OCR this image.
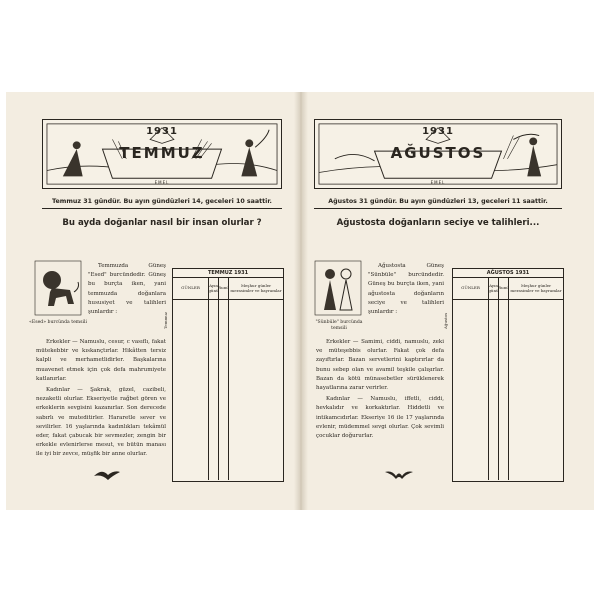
1931
TEMMUZ
EMEL
Temmuz 31 gündür. Bu ayın gündüzleri 14, geceleri 10 saattir.
Bu ayda doğanlar nasıl bir insan olurlar ?
«Esed» burcünda temsili

Temmuzda Güneş "Esed" burcündedir. Güneş bu burçta iken, yani temmuzda doğanlara hususiyet ve talihleri şunlardır :

Erkekler — Namuslu, cesur, c vasıflı, fakat mütekebbir ve kıskançtırlar. Hikâtten tersiz kalpli ve merhametlidirler. Başkalarına muavenet etmek için çok defa mahrumiyete katlanırlar.

Kadınlar — Şakrak, güzel, cazibeli, nezaketli olurlar. Ekseriyetle rağbet gören ve erkeklerin sevgisini kazanırlar. Son derecede sabırlı ve muteditirler. Hararetle sever ve sevilirler. 16 yaşlarında kadınlıkları tekâmül eder, fakat çabucak bir sevmezler, zengin bir erkekle evlenirlerse mesut, ve bütün manası ile iyi bir zevce, müşfik bir anne olurlar.

Temmuz
TEMMUZ 1931
GÜNLER	Ayın günü Rumî	Meşhur günler merasimler ve bayramlar
1931
AĞUSTOS
EMEL
Ağustos 31 gündür. Bu ayın gündüzleri 13, geceleri 11 saattir.
Ağustosta doğanların seciye ve talihleri...
"Sünbüle" burcünda temsili

Ağustosta Güneş "Sünbüle" burcündedir. Güneş bu burçta iken, yani ağustosta doğanların seciye ve talihleri şunlardır :

Erkekler — Samimi, ciddi, namuslu, zeki ve müteşebbis olurlar. Fakat çok defa zayıftırlar. Bazan servetlerini kaptırırlar da bunu sebep olan ve avamil teşkile çalışırlar. Bazan da kötü münasebetler sürüklenerek hayatlarına zarar verirler.

Kadınlar — Namuslu, iffetli, ciddi, hevkalıdır ve korkaktırlar. Hiddetli ve intikamcıdırlar. Ekseriye 16 ile 17 yaşlarında evlenir, müdemmel sevgi olurlar. Çok sevimli çocuklar doğururlar.

Ağustos
AĞUSTOS 1931
GÜNLER	Ayın günü Rumî	Meşhur günler merasimler ve bayramlar
